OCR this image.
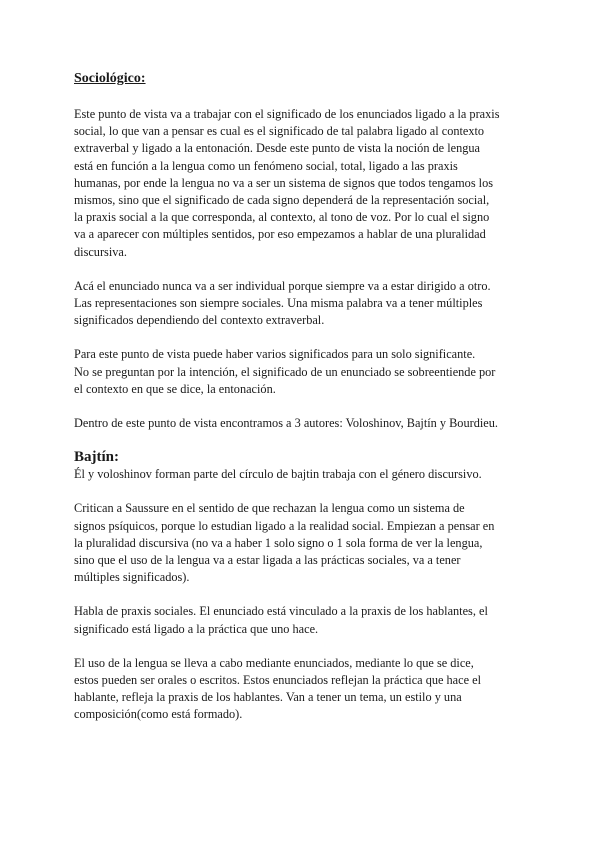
Sociológico:

Este punto de vista va a trabajar con el significado de los enunciados ligado a la praxis
social, lo que van a pensar es cual es el significado de tal palabra ligado al contexto
extraverbal y ligado a la entonación. Desde este punto de vista la noción de lengua
está en función a la lengua como un fenómeno social, total, ligado a las praxis
humanas, por ende la lengua no va a ser un sistema de signos que todos tengamos los
mismos, sino que el significado de cada signo dependerá de la representación social,
la praxis social a la que corresponda, al contexto, al tono de voz. Por lo cual el signo
va a aparecer con múltiples sentidos, por eso empezamos a hablar de una pluralidad
discursiva.

Acá el enunciado nunca va a ser individual porque siempre va a estar dirigido a otro.
Las representaciones son siempre sociales. Una misma palabra va a tener múltiples
significados dependiendo del contexto extraverbal.

Para este punto de vista puede haber varios significados para un solo significante.
No se preguntan por la intención, el significado de un enunciado se sobreentiende por
el contexto en que se dice, la entonación.

Dentro de este punto de vista encontramos a 3 autores: Voloshinov, Bajtín y Bourdieu.

Bajtín:

Él y voloshinov forman parte del círculo de bajtin trabaja con el género discursivo.

Critican a Saussure en el sentido de que rechazan la lengua como un sistema de
signos psíquicos, porque lo estudian ligado a la realidad social. Empiezan a pensar en
la pluralidad discursiva (no va a haber 1 solo signo o 1 sola forma de ver la lengua,
sino que el uso de la lengua va a estar ligada a las prácticas sociales, va a tener
múltiples significados).

Habla de praxis sociales. El enunciado está vinculado a la praxis de los hablantes, el
significado está ligado a la práctica que uno hace.

El uso de la lengua se lleva a cabo mediante enunciados, mediante lo que se dice,
estos pueden ser orales o escritos. Estos enunciados reflejan la práctica que hace el
hablante, refleja la praxis de los hablantes. Van a tener un tema, un estilo y una
composición(como está formado).
